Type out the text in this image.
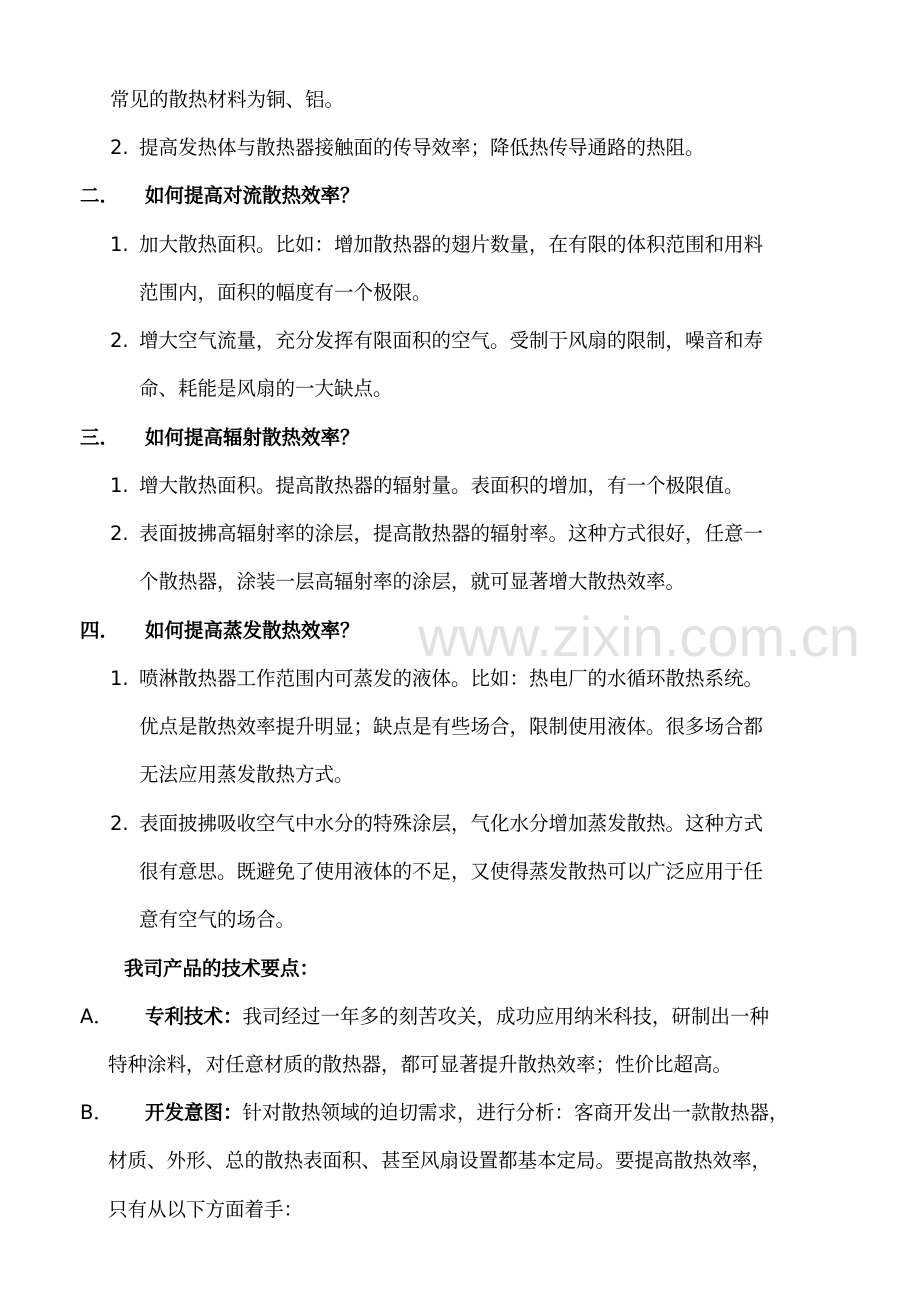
www.zixin.com.cn
常见的散热材料为铜、铝。
2. 提高发热体与散热器接触面的传导效率；降低热传导通路的热阻。
二． 如何提高对流散热效率？
1. 加大散热面积。比如：增加散热器的翅片数量，在有限的体积范围和用料
范围内，面积的幅度有一个极限。
2. 增大空气流量，充分发挥有限面积的空气。受制于风扇的限制，噪音和寿
命、耗能是风扇的一大缺点。
三． 如何提高辐射散热效率？
1. 增大散热面积。提高散热器的辐射量。表面积的增加，有一个极限值。
2. 表面披拂高辐射率的涂层，提高散热器的辐射率。这种方式很好，任意一
个散热器，涂装一层高辐射率的涂层，就可显著增大散热效率。
四． 如何提高蒸发散热效率？
1. 喷淋散热器工作范围内可蒸发的液体。比如：热电厂的水循环散热系统。
优点是散热效率提升明显；缺点是有些场合，限制使用液体。很多场合都
无法应用蒸发散热方式。
2. 表面披拂吸收空气中水分的特殊涂层，气化水分增加蒸发散热。这种方式
很有意思。既避免了使用液体的不足，又使得蒸发散热可以广泛应用于任
意有空气的场合。
我司产品的技术要点：
A． 专利技术：我司经过一年多的刻苦攻关，成功应用纳米科技，研制出一种
特种涂料，对任意材质的散热器，都可显著提升散热效率；性价比超高。
B． 开发意图：针对散热领域的迫切需求，进行分析：客商开发出一款散热器，
材质、外形、总的散热表面积、甚至风扇设置都基本定局。要提高散热效率，
只有从以下方面着手：
